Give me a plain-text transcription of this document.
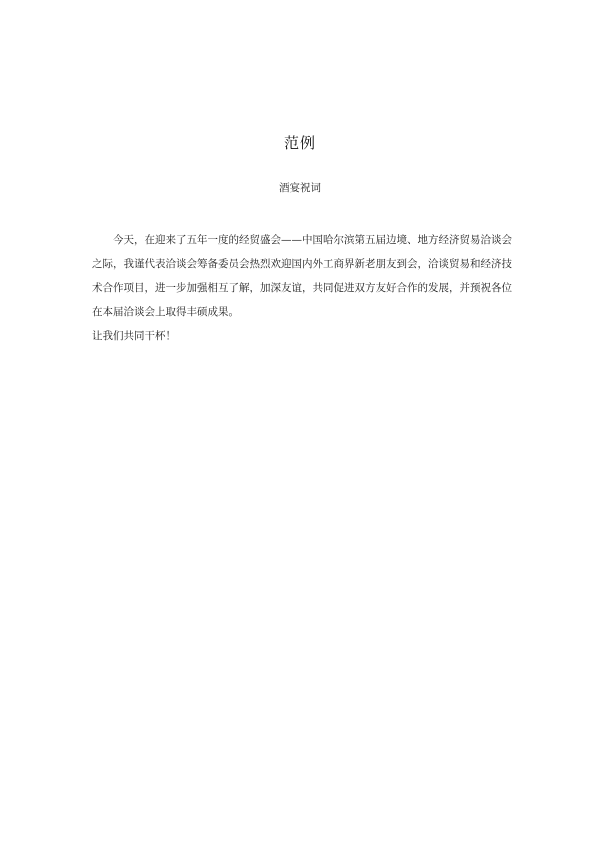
范例
酒宴祝词

今天，在迎来了五年一度的经贸盛会——中国哈尔滨第五届边境、地方经济贸易洽谈会之际，我谨代表洽谈会筹备委员会热烈欢迎国内外工商界新老朋友到会，洽谈贸易和经济技术合作项目，进一步加强相互了解，加深友谊，共同促进双方友好合作的发展，并预祝各位在本届洽谈会上取得丰硕成果。

让我们共同干杯！
